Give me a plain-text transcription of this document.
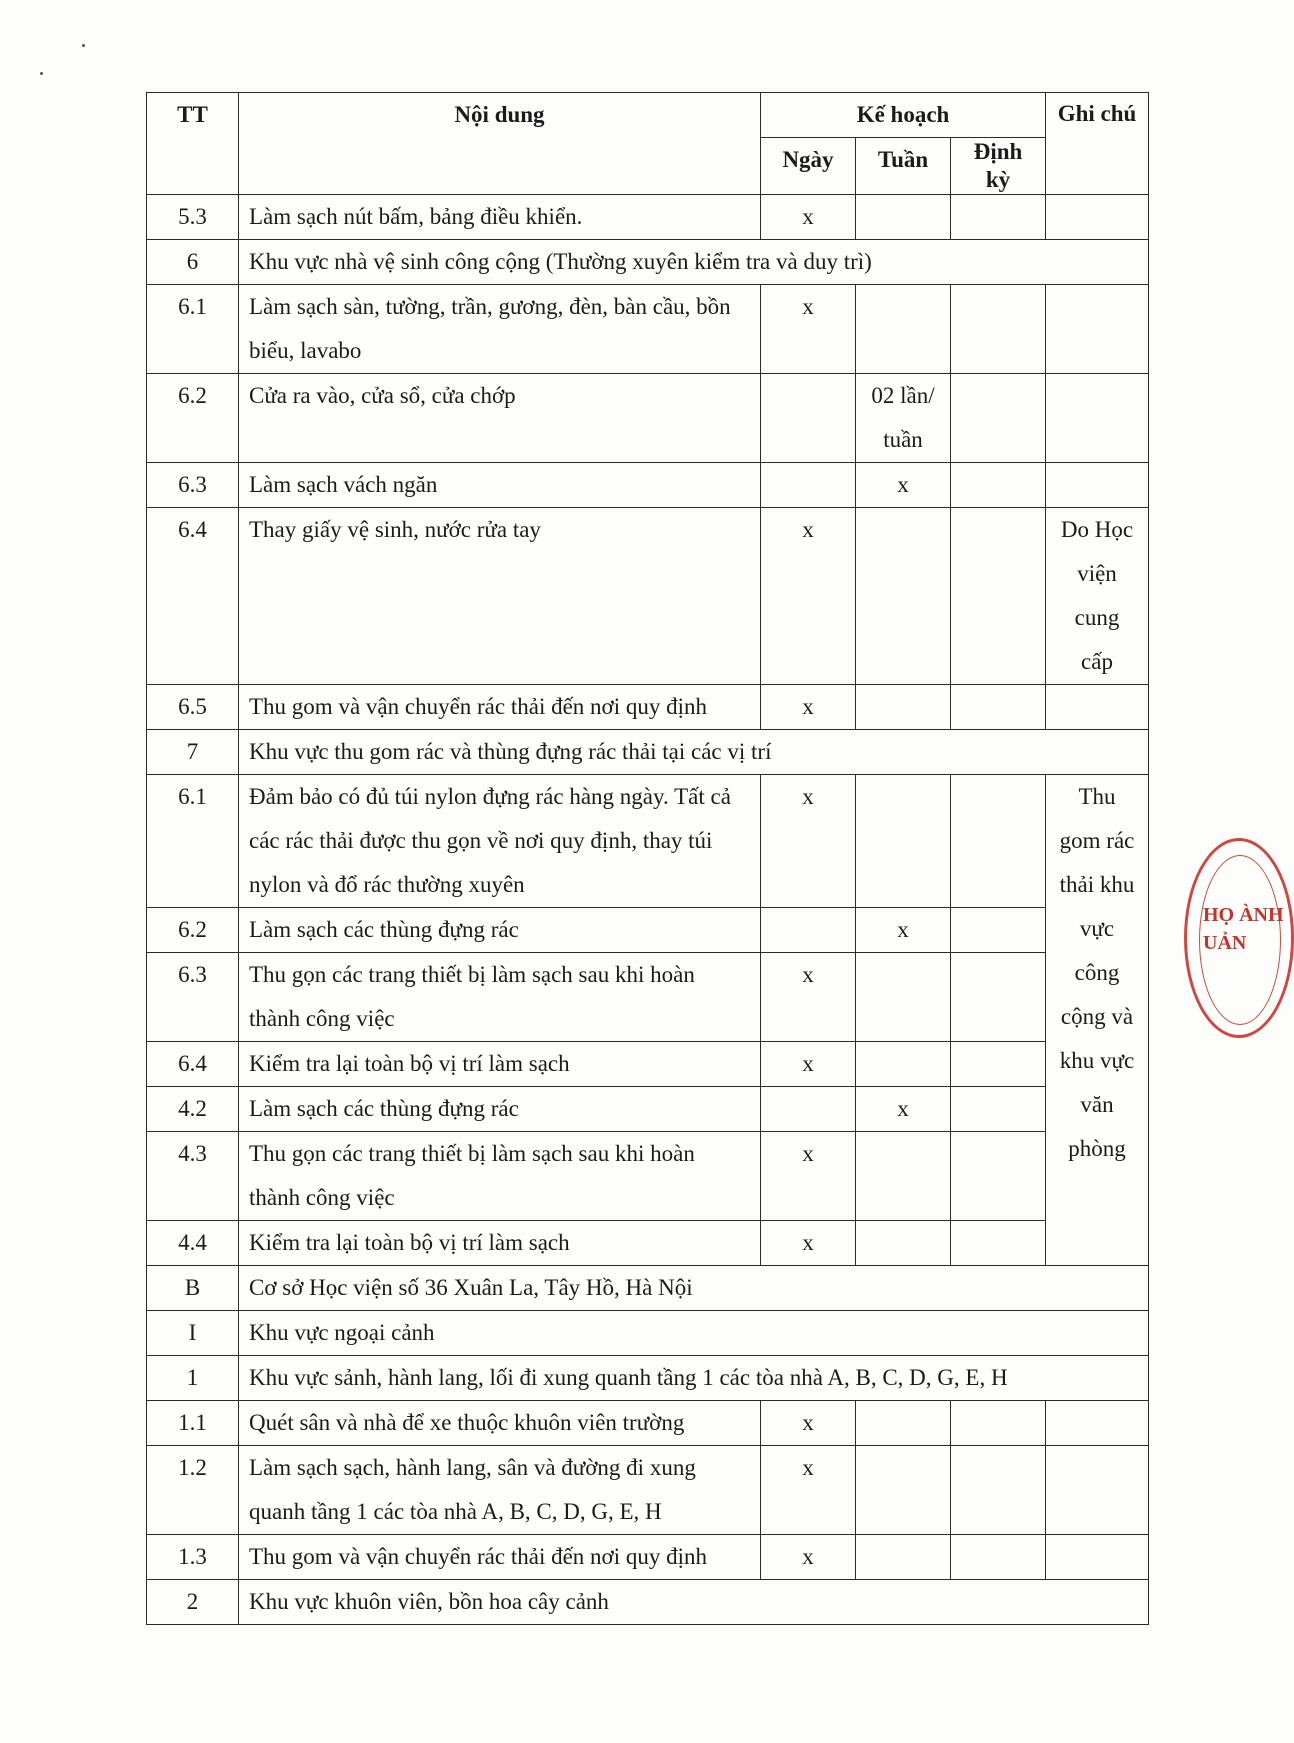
TT	Nội dung	Kế hoạch			Ghi chú
		Ngày	Tuần	Định kỳ	
5.3	Làm sạch nút bấm, bảng điều khiển.	x			
6	Khu vực nhà vệ sinh công cộng (Thường xuyên kiểm tra và duy trì)				
6.1	Làm sạch sàn, tường, trần, gương, đèn, bàn cầu, bồn biểu, lavabo	x			
6.2	Cửa ra vào, cửa sổ, cửa chớp		02 lần/ tuần		
6.3	Làm sạch vách ngăn		x		
6.4	Thay giấy vệ sinh, nước rửa tay	x			Do Học viện cung cấp
6.5	Thu gom và vận chuyển rác thải đến nơi quy định	x			
7	Khu vực thu gom rác và thùng đựng rác thải tại các vị trí				
6.1	Đảm bảo có đủ túi nylon đựng rác hàng ngày. Tất cả các rác thải được thu gọn về nơi quy định, thay túi nylon và đổ rác thường xuyên	x			Thu gom rác thải khu vực công cộng và khu vực văn phòng
6.2	Làm sạch các thùng đựng rác		x		
6.3	Thu gọn các trang thiết bị làm sạch sau khi hoàn thành công việc	x			
6.4	Kiểm tra lại toàn bộ vị trí làm sạch	x			
4.2	Làm sạch các thùng đựng rác		x		
4.3	Thu gọn các trang thiết bị làm sạch sau khi hoàn thành công việc	x			
4.4	Kiểm tra lại toàn bộ vị trí làm sạch	x			
B	Cơ sở Học viện số 36 Xuân La, Tây Hồ, Hà Nội				
I	Khu vực ngoại cảnh				
1	Khu vực sảnh, hành lang, lối đi xung quanh tầng 1 các tòa nhà A, B, C, D, G, E, H				
1.1	Quét sân và nhà để xe thuộc khuôn viên trường	x			
1.2	Làm sạch sạch, hành lang, sân và đường đi xung quanh tầng 1 các tòa nhà A, B, C, D, G, E, H	x			
1.3	Thu gom và vận chuyển rác thải đến nơi quy định	x			
2	Khu vực khuôn viên, bồn hoa cây cảnh				
HỌ ÀNH UẢN
